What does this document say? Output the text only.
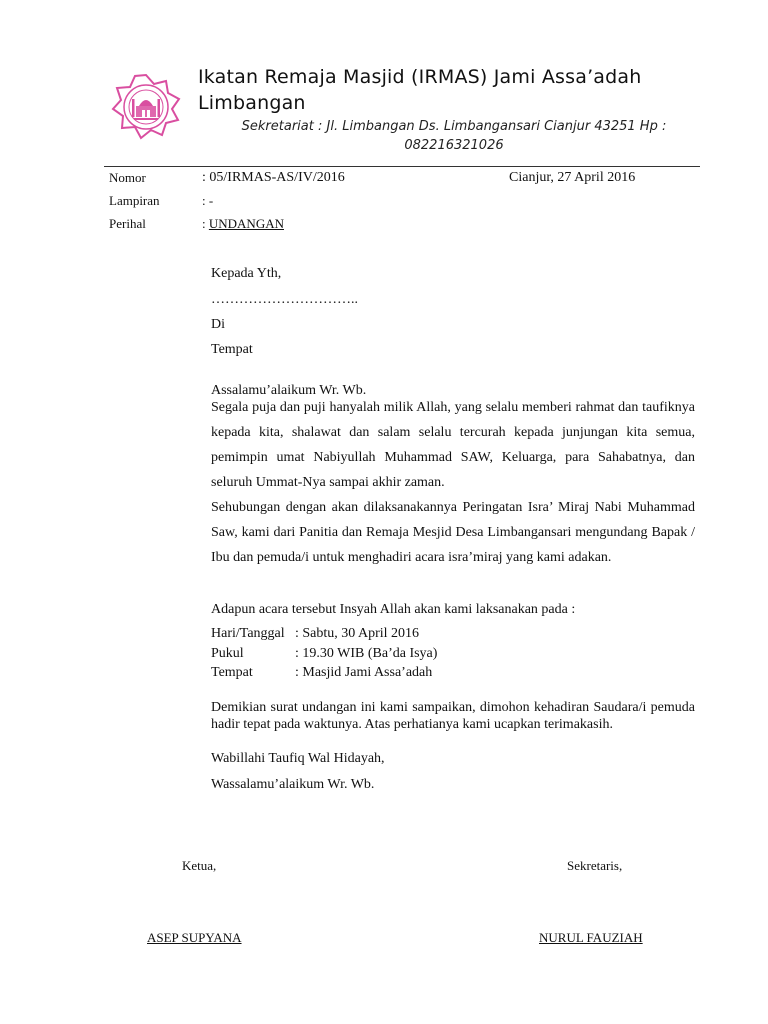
Ikatan Remaja Masjid (IRMAS) Jami Assa’adah Limbangan
Sekretariat : Jl. Limbangan Ds. Limbangansari Cianjur 43251 Hp : 082216321026
Nomor	: 05/IRMAS-AS/IV/2016	Cianjur, 27 April 2016
Lampiran	: -
Perihal	: UNDANGAN
Kepada Yth,
…………………………..
Di
Tempat
Assalamu’alaikum Wr. Wb.
Segala puja dan puji hanyalah milik Allah, yang selalu memberi rahmat dan taufiknya kepada kita, shalawat dan salam selalu tercurah kepada junjungan kita semua, pemimpin umat Nabiyullah Muhammad SAW, Keluarga, para Sahabatnya, dan seluruh Ummat-Nya sampai akhir zaman.
Sehubungan dengan akan dilaksanakannya Peringatan Isra’ Miraj Nabi Muhammad Saw, kami dari Panitia dan Remaja Mesjid Desa Limbangansari mengundang Bapak / Ibu dan pemuda/i untuk menghadiri acara isra’miraj yang kami adakan.
Adapun acara tersebut Insyah Allah akan kami laksanakan pada :
Hari/Tanggal : Sabtu, 30 April 2016
Pukul	: 19.30 WIB (Ba’da Isya)
Tempat	: Masjid Jami Assa’adah
Demikian surat undangan ini kami sampaikan, dimohon kehadiran Saudara/i pemuda hadir tepat pada waktunya. Atas perhatianya kami ucapkan terimakasih.
Wabillahi Taufiq Wal Hidayah,
Wassalamu’alaikum Wr. Wb.
Ketua,	Sekretaris,
ASEP SUPYANA	NURUL FAUZIAH
